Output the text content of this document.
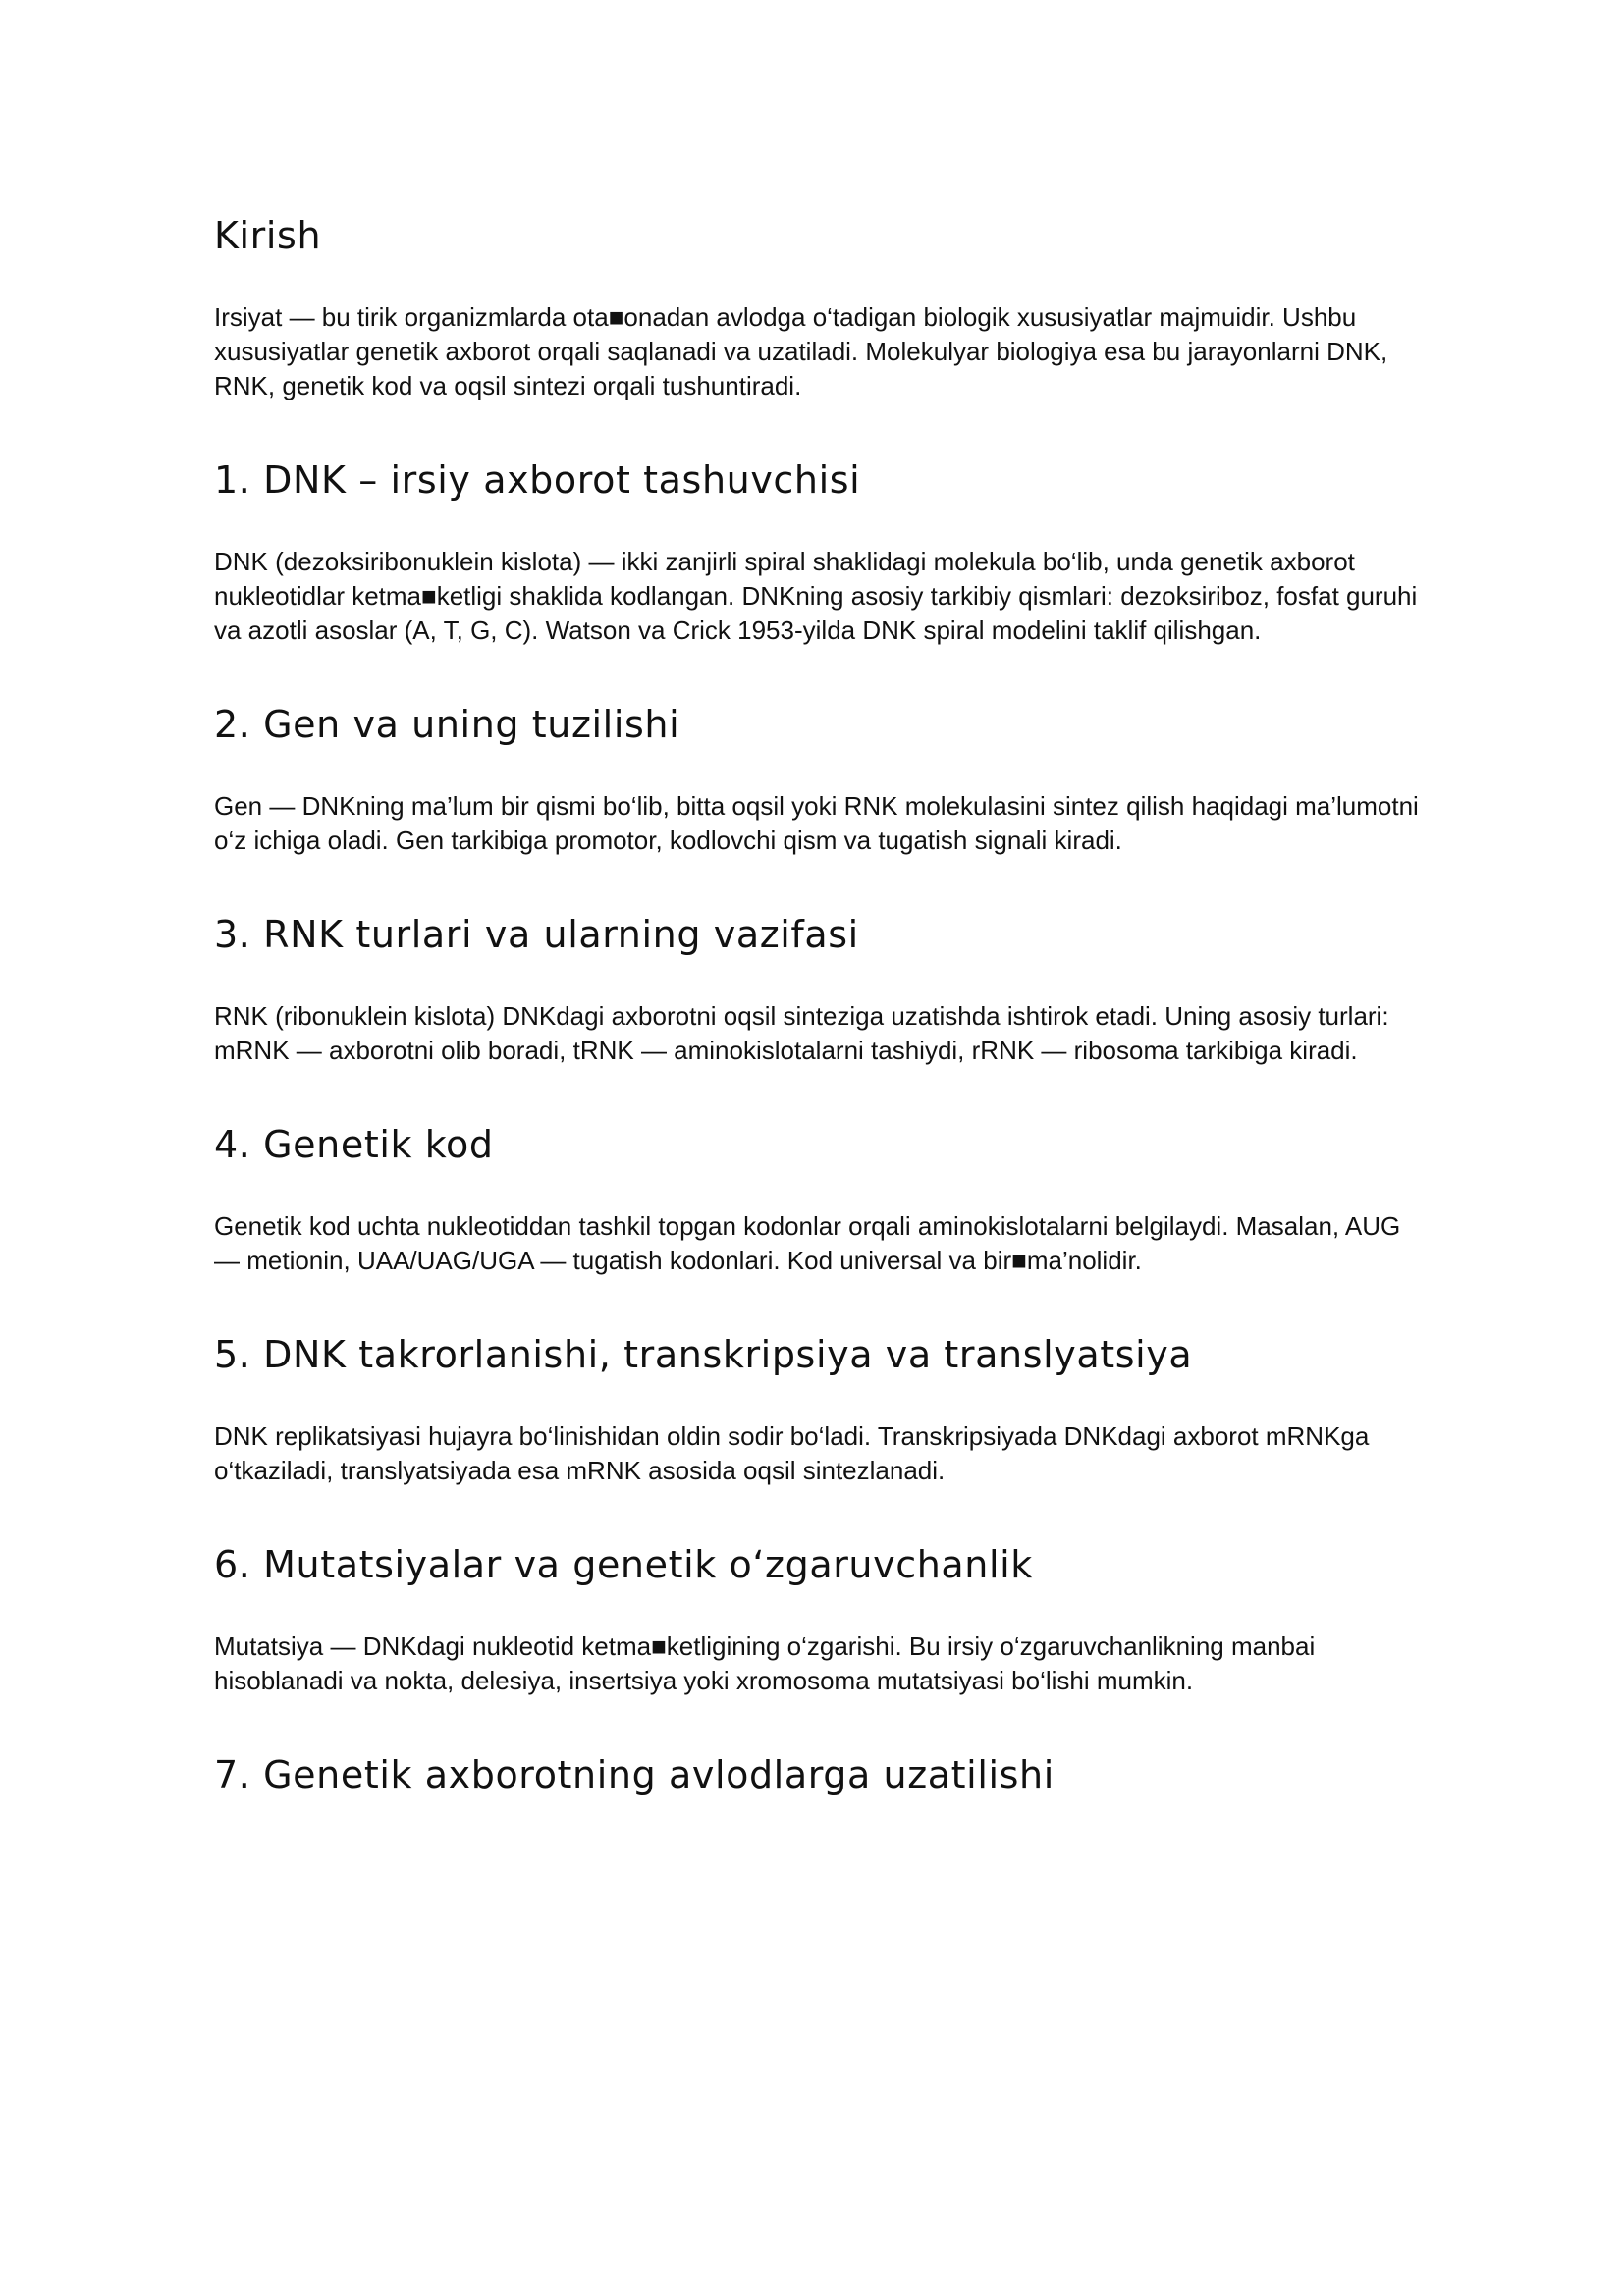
Kirish

Irsiyat — bu tirik organizmlarda ota■onadan avlodga o‘tadigan biologik xususiyatlar majmuidir. Ushbu xususiyatlar genetik axborot orqali saqlanadi va uzatiladi. Molekulyar biologiya esa bu jarayonlarni DNK, RNK, genetik kod va oqsil sintezi orqali tushuntiradi.

1. DNK – irsiy axborot tashuvchisi

DNK (dezoksiribonuklein kislota) — ikki zanjirli spiral shaklidagi molekula bo‘lib, unda genetik axborot nukleotidlar ketma■ketligi shaklida kodlangan. DNKning asosiy tarkibiy qismlari: dezoksiriboz, fosfat guruhi va azotli asoslar (A, T, G, C). Watson va Crick 1953-yilda DNK spiral modelini taklif qilishgan.

2. Gen va uning tuzilishi

Gen — DNKning ma’lum bir qismi bo‘lib, bitta oqsil yoki RNK molekulasini sintez qilish haqidagi ma’lumotni o‘z ichiga oladi. Gen tarkibiga promotor, kodlovchi qism va tugatish signali kiradi.

3. RNK turlari va ularning vazifasi

RNK (ribonuklein kislota) DNKdagi axborotni oqsil sinteziga uzatishda ishtirok etadi. Uning asosiy turlari: mRNK — axborotni olib boradi, tRNK — aminokislotalarni tashiydi, rRNK — ribosoma tarkibiga kiradi.

4. Genetik kod

Genetik kod uchta nukleotiddan tashkil topgan kodonlar orqali aminokislotalarni belgilaydi. Masalan, AUG — metionin, UAA/UAG/UGA — tugatish kodonlari. Kod universal va bir■ma’nolidir.

5. DNK takrorlanishi, transkripsiya va translyatsiya

DNK replikatsiyasi hujayra bo‘linishidan oldin sodir bo‘ladi. Transkripsiyada DNKdagi axborot mRNKga o‘tkaziladi, translyatsiyada esa mRNK asosida oqsil sintezlanadi.

6. Mutatsiyalar va genetik o‘zgaruvchanlik

Mutatsiya — DNKdagi nukleotid ketma■ketligining o‘zgarishi. Bu irsiy o‘zgaruvchanlikning manbai hisoblanadi va nokta, delesiya, insertsiya yoki xromosoma mutatsiyasi bo‘lishi mumkin.

7. Genetik axborotning avlodlarga uzatilishi
